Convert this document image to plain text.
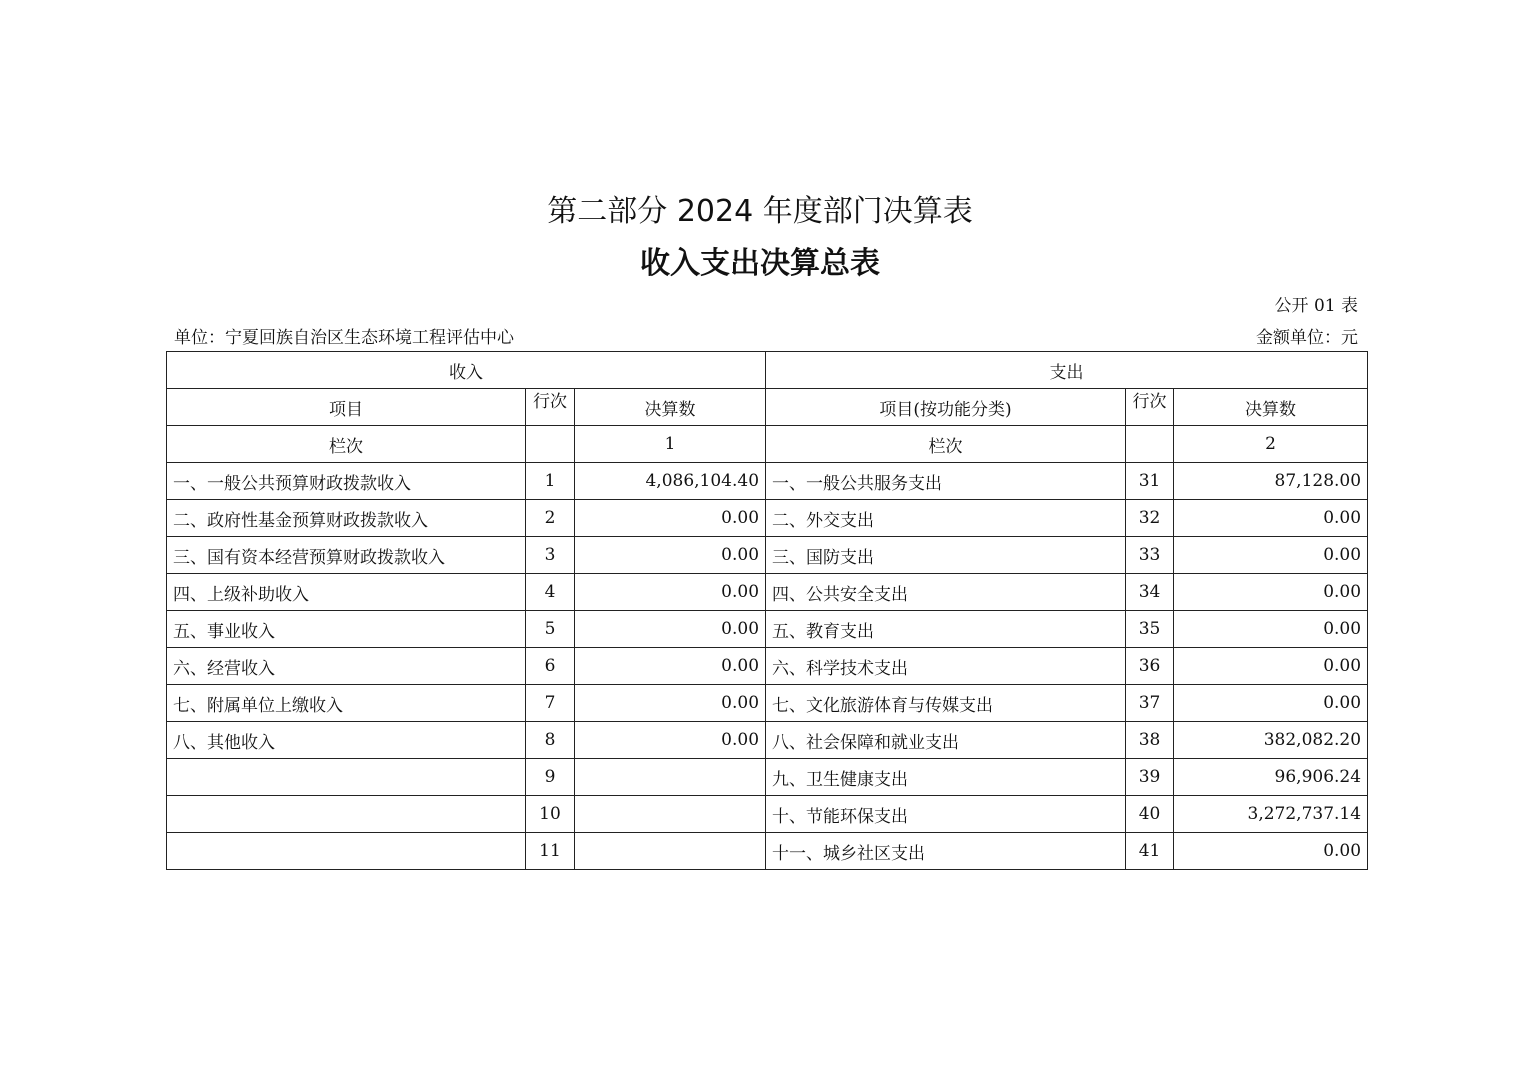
第二部分 2024 年度部门决算表
收入支出决算总表
公开 01 表
单位：宁夏回族自治区生态环境工程评估中心	金额单位：元
收入			支出		
项目	行次	决算数	项目(按功能分类)	行次	决算数
栏次		1	栏次		2
一、一般公共预算财政拨款收入	1	4,086,104.40	一、一般公共服务支出	31	87,128.00
二、政府性基金预算财政拨款收入	2	0.00	二、外交支出	32	0.00
三、国有资本经营预算财政拨款收入	3	0.00	三、国防支出	33	0.00
四、上级补助收入	4	0.00	四、公共安全支出	34	0.00
五、事业收入	5	0.00	五、教育支出	35	0.00
六、经营收入	6	0.00	六、科学技术支出	36	0.00
七、附属单位上缴收入	7	0.00	七、文化旅游体育与传媒支出	37	0.00
八、其他收入	8	0.00	八、社会保障和就业支出	38	382,082.20
	9		九、卫生健康支出	39	96,906.24
	10		十、节能环保支出	40	3,272,737.14
	11		十一、城乡社区支出	41	0.00
